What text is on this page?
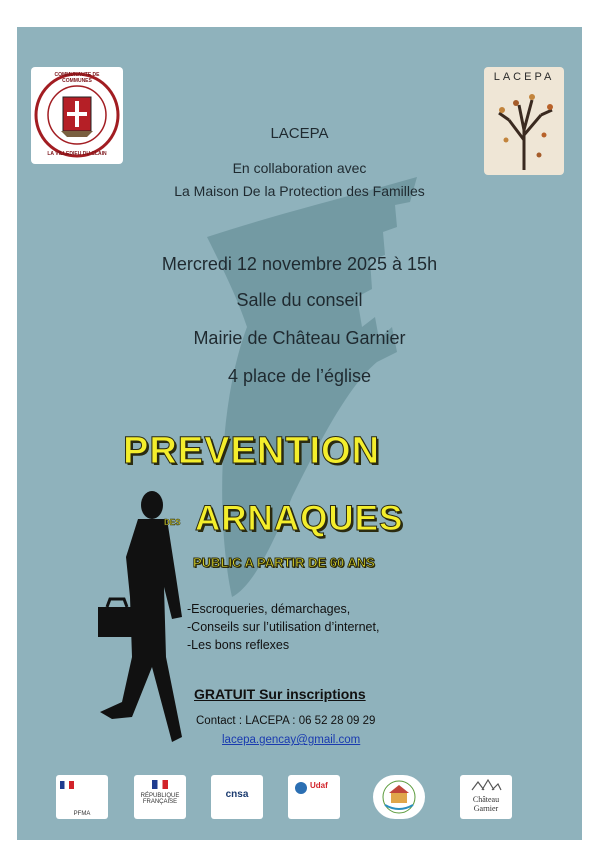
COMMUNAUTE DE COMMUNES
LA VILLEDIEU DU CLAIN
LACEPA
LACEPA
En collaboration avec
La Maison De la Protection des Familles
Mercredi 12 novembre 2025 à 15h
Salle du conseil
Mairie de Château Garnier
4 place de l’église
PREVENTION
DES ARNAQUES
PUBLIC A PARTIR DE 60 ANS
-Escroqueries, démarchages,
-Conseils sur l’utilisation d’internet,
-Les bons reflexes
GRATUIT Sur inscriptions
Contact : LACEPA : 06 52 28 09 29
lacepa.gencay@gmail.com
PFMA
RÉPUBLIQUE FRANÇAISE
cnsa
Udaf
Château Garnier
